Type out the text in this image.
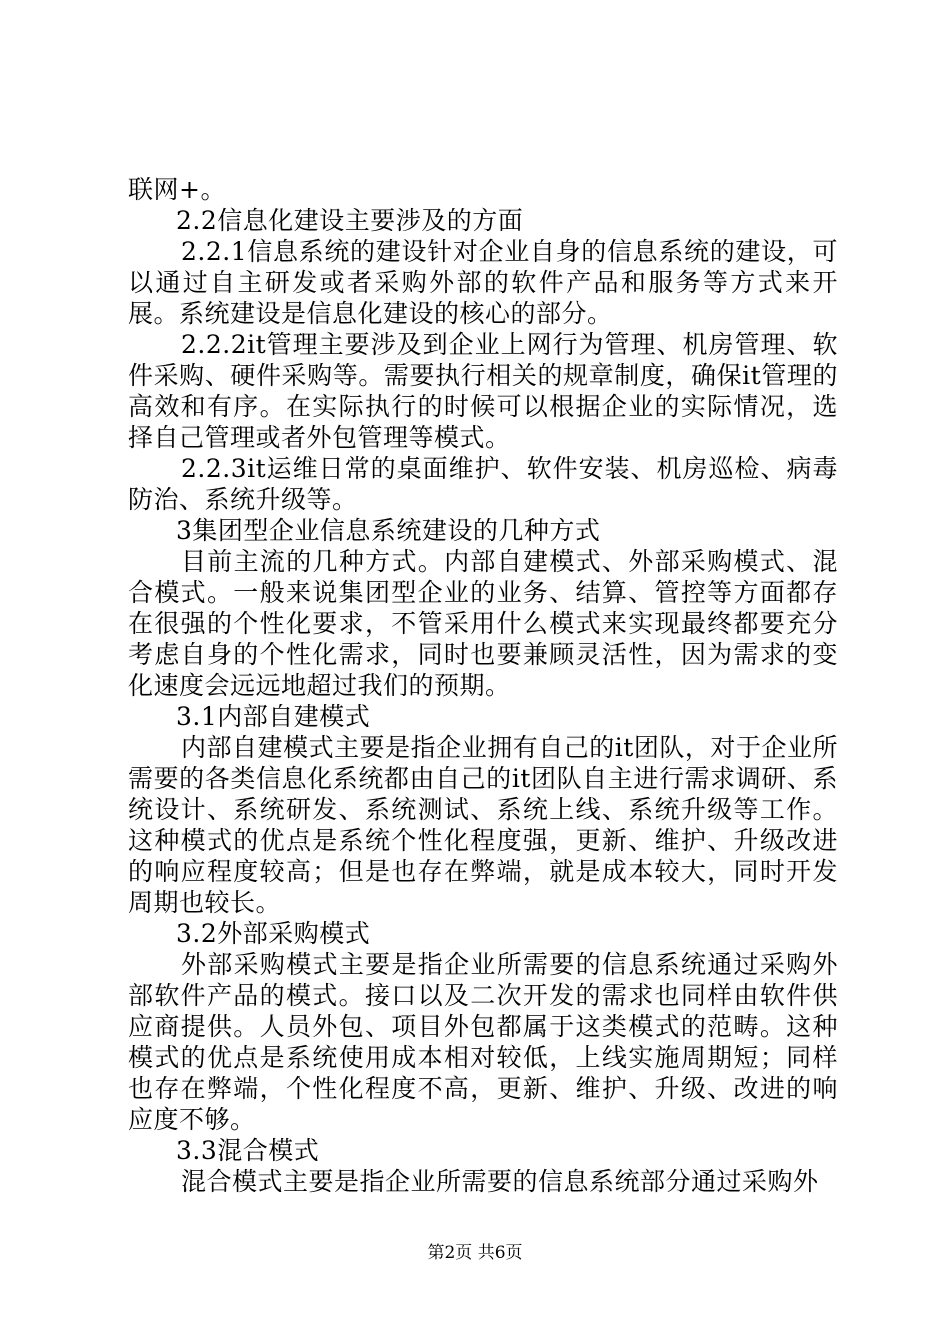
联网+。

2.2信息化建设主要涉及的方面

2.2.1信息系统的建设针对企业自身的信息系统的建设，可以通过自主研发或者采购外部的软件产品和服务等方式来开展。系统建设是信息化建设的核心的部分。

2.2.2it管理主要涉及到企业上网行为管理、机房管理、软件采购、硬件采购等。需要执行相关的规章制度，确保it管理的高效和有序。在实际执行的时候可以根据企业的实际情况，选择自己管理或者外包管理等模式。

2.2.3it运维日常的桌面维护、软件安装、机房巡检、病毒防治、系统升级等。

3集团型企业信息系统建设的几种方式

目前主流的几种方式。内部自建模式、外部采购模式、混合模式。一般来说集团型企业的业务、结算、管控等方面都存在很强的个性化要求，不管采用什么模式来实现最终都要充分考虑自身的个性化需求，同时也要兼顾灵活性，因为需求的变化速度会远远地超过我们的预期。

3.1内部自建模式

内部自建模式主要是指企业拥有自己的it团队，对于企业所需要的各类信息化系统都由自己的it团队自主进行需求调研、系统设计、系统研发、系统测试、系统上线、系统升级等工作。这种模式的优点是系统个性化程度强，更新、维护、升级改进的响应程度较高；但是也存在弊端，就是成本较大，同时开发周期也较长。

3.2外部采购模式

外部采购模式主要是指企业所需要的信息系统通过采购外部软件产品的模式。接口以及二次开发的需求也同样由软件供应商提供。人员外包、项目外包都属于这类模式的范畴。这种模式的优点是系统使用成本相对较低，上线实施周期短；同样也存在弊端，个性化程度不高，更新、维护、升级、改进的响应度不够。

3.3混合模式

混合模式主要是指企业所需要的信息系统部分通过采购外

第2页 共6页
